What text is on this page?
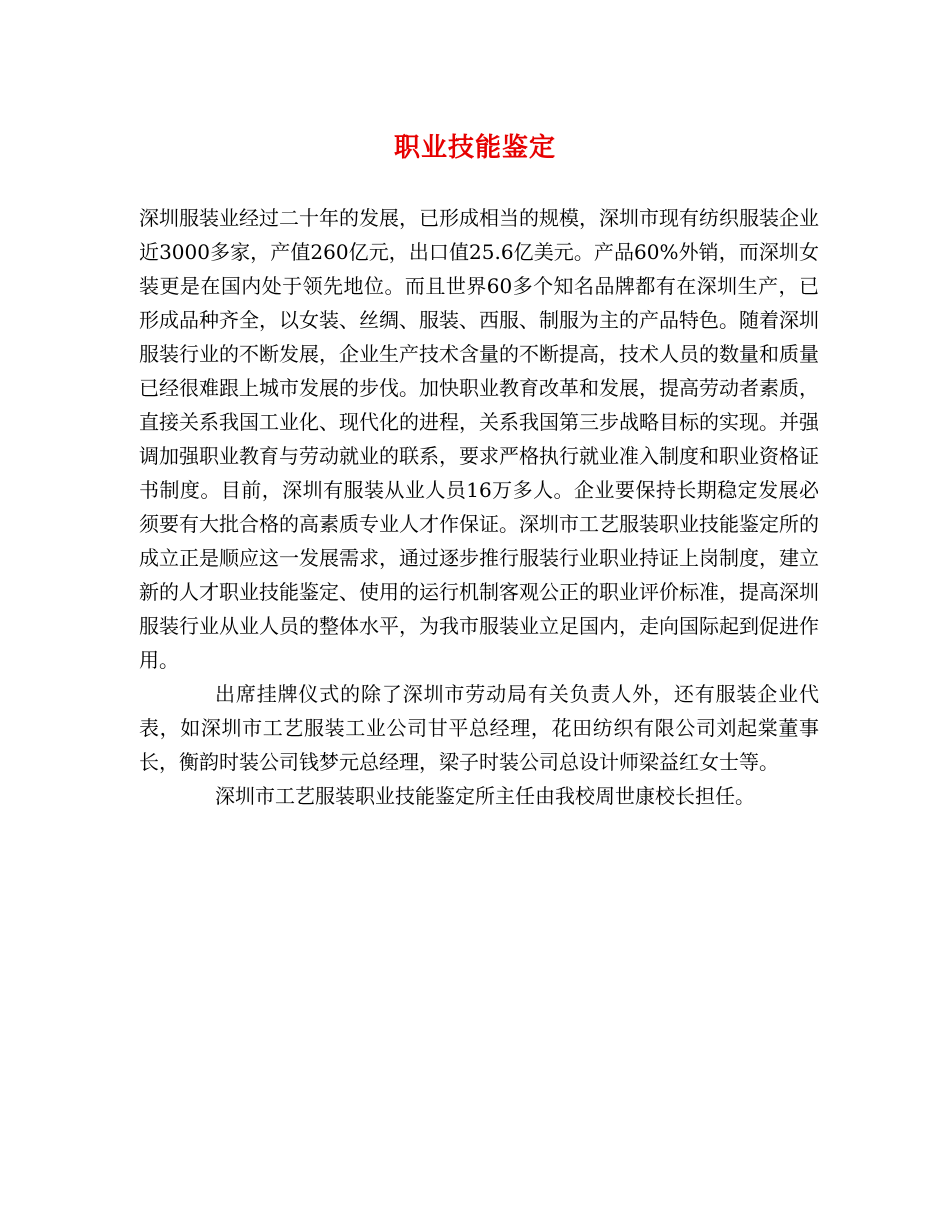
职业技能鉴定

深圳服装业经过二十年的发展，已形成相当的规模，深圳市现有纺织服装企业近3000多家，产值260亿元，出口值25.6亿美元。产品60%外销，而深圳女装更是在国内处于领先地位。而且世界60多个知名品牌都有在深圳生产，已形成品种齐全，以女装、丝绸、服装、西服、制服为主的产品特色。随着深圳服装行业的不断发展，企业生产技术含量的不断提高，技术人员的数量和质量已经很难跟上城市发展的步伐。加快职业教育改革和发展，提高劳动者素质，直接关系我国工业化、现代化的进程，关系我国第三步战略目标的实现。并强调加强职业教育与劳动就业的联系，要求严格执行就业准入制度和职业资格证书制度。目前，深圳有服装从业人员16万多人。企业要保持长期稳定发展必须要有大批合格的高素质专业人才作保证。深圳市工艺服装职业技能鉴定所的成立正是顺应这一发展需求，通过逐步推行服装行业职业持证上岗制度，建立新的人才职业技能鉴定、使用的运行机制客观公正的职业评价标准，提高深圳服装行业从业人员的整体水平，为我市服装业立足国内，走向国际起到促进作用。

出席挂牌仪式的除了深圳市劳动局有关负责人外，还有服装企业代表，如深圳市工艺服装工业公司甘平总经理，花田纺织有限公司刘起棠董事长，衡韵时装公司钱梦元总经理，梁子时装公司总设计师梁益红女士等。

深圳市工艺服装职业技能鉴定所主任由我校周世康校长担任。
